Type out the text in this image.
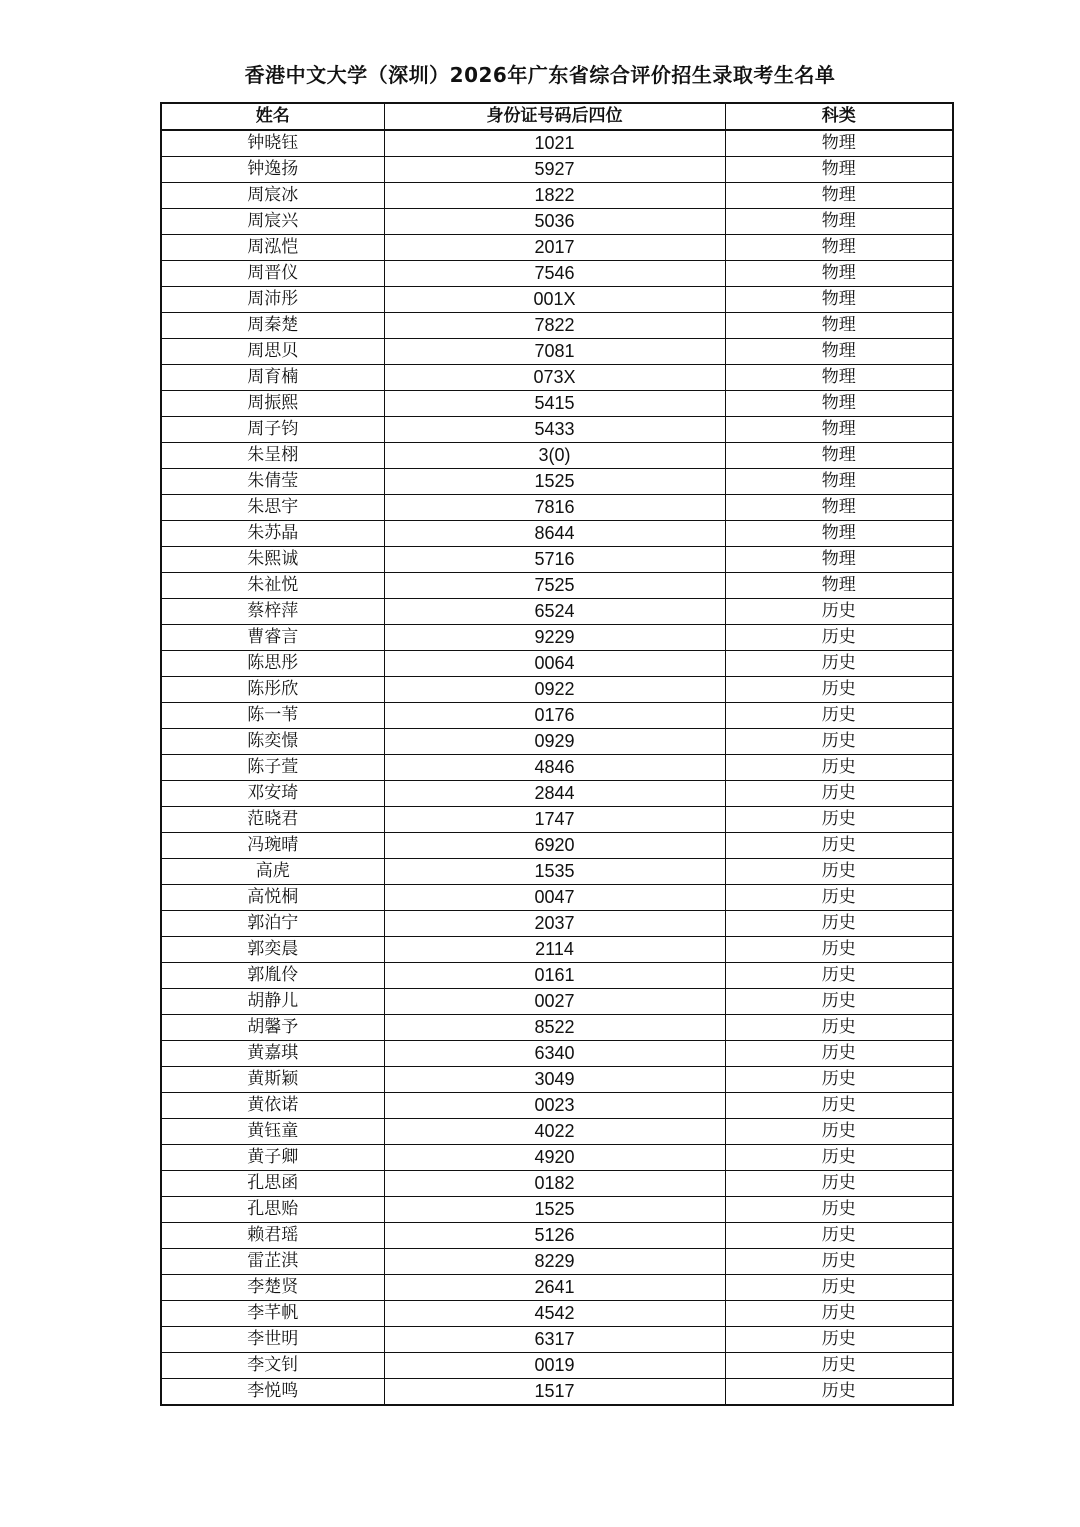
香港中文大学（深圳）2026年广东省综合评价招生录取考生名单
姓名	身份证号码后四位	科类
钟晓钰	1021	物理
钟逸扬	5927	物理
周宸冰	1822	物理
周宸兴	5036	物理
周泓恺	2017	物理
周晋仪	7546	物理
周沛彤	001X	物理
周秦楚	7822	物理
周思贝	7081	物理
周育楠	073X	物理
周振熙	5415	物理
周子钧	5433	物理
朱呈栩	3(0)	物理
朱倩莹	1525	物理
朱思宇	7816	物理
朱苏晶	8644	物理
朱熙诚	5716	物理
朱祉悦	7525	物理
蔡梓萍	6524	历史
曹睿言	9229	历史
陈思彤	0064	历史
陈彤欣	0922	历史
陈一苇	0176	历史
陈奕憬	0929	历史
陈子萱	4846	历史
邓安琦	2844	历史
范晓君	1747	历史
冯琬晴	6920	历史
高虎	1535	历史
高悦桐	0047	历史
郭泊宁	2037	历史
郭奕晨	2114	历史
郭胤伶	0161	历史
胡静儿	0027	历史
胡馨予	8522	历史
黄嘉琪	6340	历史
黄斯颖	3049	历史
黄依诺	0023	历史
黄钰童	4022	历史
黄子卿	4920	历史
孔思函	0182	历史
孔思贻	1525	历史
赖君瑶	5126	历史
雷芷淇	8229	历史
李楚贤	2641	历史
李芊帆	4542	历史
李世明	6317	历史
李文钊	0019	历史
李悦鸣	1517	历史
